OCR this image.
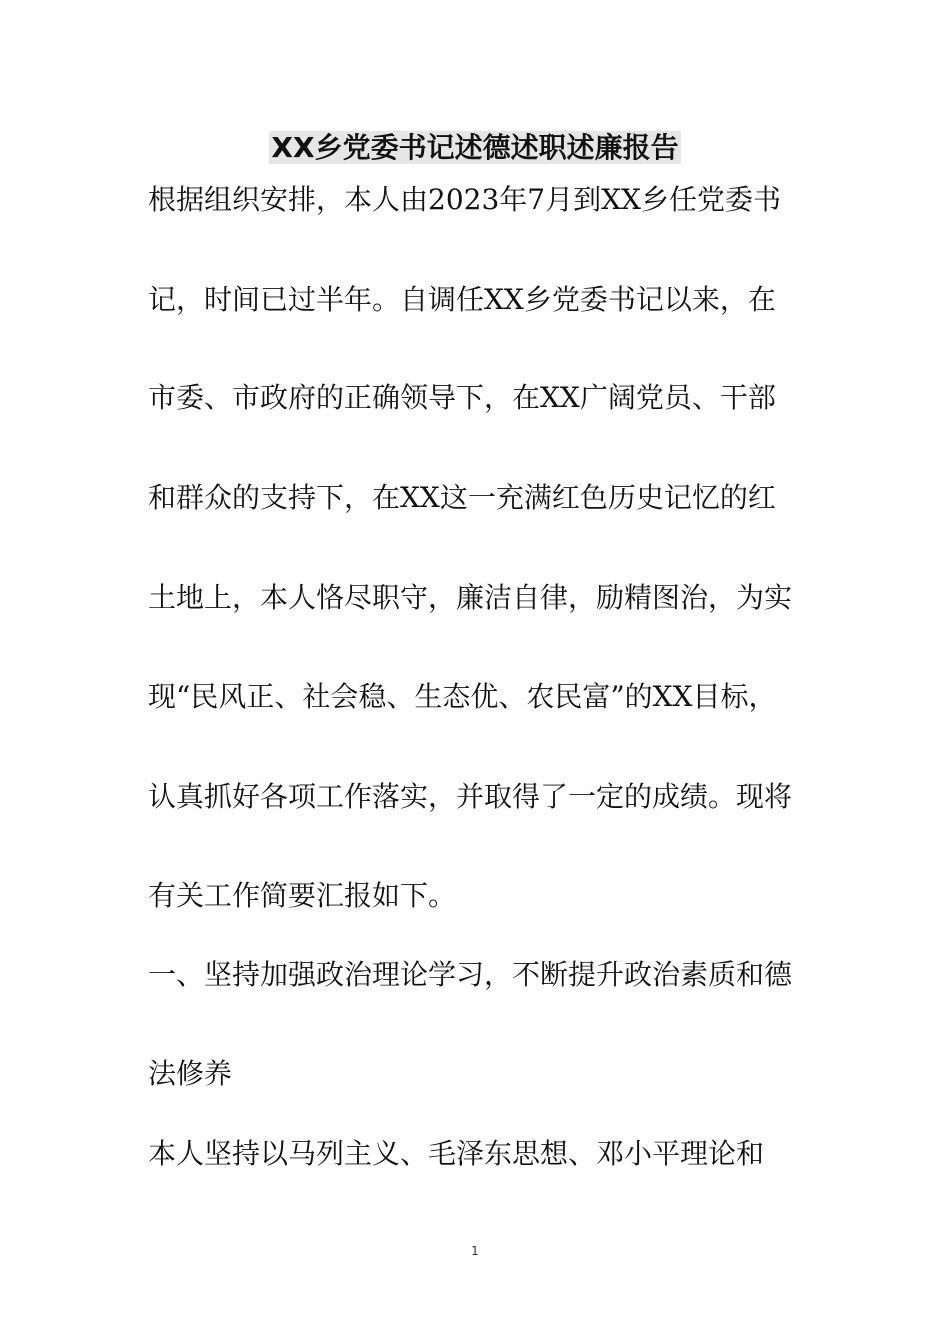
XX乡党委书记述德述职述廉报告

根据组织安排，本人由2023年7月到XX乡任党委书

记，时间已过半年。自调任XX乡党委书记以来，在

市委、市政府的正确领导下，在XX广阔党员、干部

和群众的支持下，在XX这一充满红色历史记忆的红

土地上，本人恪尽职守，廉洁自律，励精图治，为实

现“民风正、社会稳、生态优、农民富”的XX目标，

认真抓好各项工作落实，并取得了一定的成绩。现将

有关工作简要汇报如下。

一、坚持加强政治理论学习，不断提升政治素质和德

法修养

本人坚持以马列主义、毛泽东思想、邓小平理论和

1
